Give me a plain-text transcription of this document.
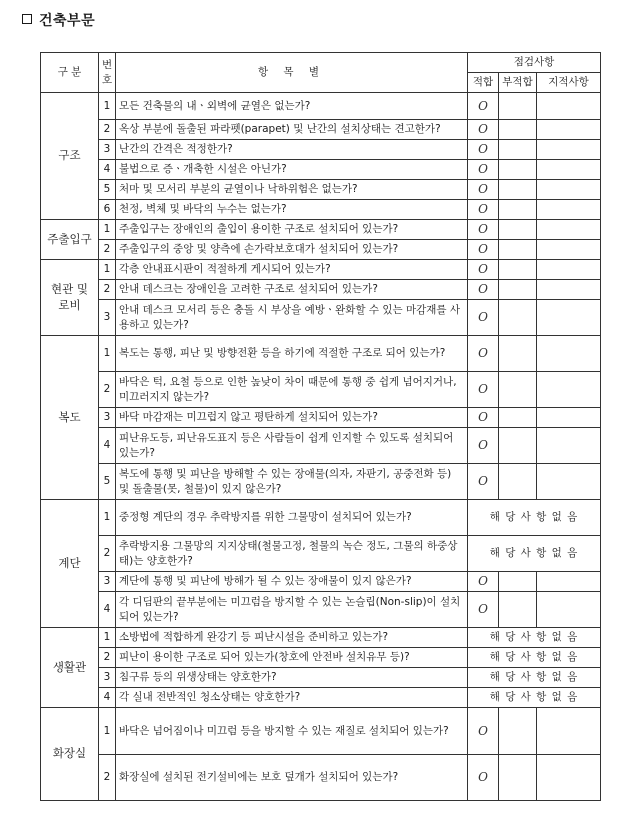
건축부문
구 분	번
호	항 목 별	점검사항		
			적합	부적합	지적사항
구조	1	모든 건축물의 내ㆍ외벽에 균열은 없는가?	O		
	2	옥상 부분에 돌출된 파라펫(parapet) 및 난간의 설치상태는 견고한가?	O		
	3	난간의 간격은 적정한가?	O		
	4	불법으로 증ㆍ개축한 시설은 아닌가?	O		
	5	처마 및 모서리 부분의 균열이나 낙하위험은 없는가?	O		
	6	천정, 벽체 및 바닥의 누수는 없는가?	O		
주출입구	1	주출입구는 장애인의 출입이 용이한 구조로 설치되어 있는가?	O		
	2	주출입구의 중앙 및 양측에 손가락보호대가 설치되어 있는가?	O		
현관 및 로비	1	각층 안내표시판이 적절하게 게시되어 있는가?	O		
	2	안내 데스크는 장애인을 고려한 구조로 설치되어 있는가?	O		
	3	안내 데스크 모서리 등은 충돌 시 부상을 예방ㆍ완화할 수 있는 마감재를 사용하고 있는가?	O		
복도	1	복도는 통행, 피난 및 방향전환 등을 하기에 적절한 구조로 되어 있는가?	O		
	2	바닥은 턱, 요철 등으로 인한 높낮이 차이 때문에 통행 중 쉽게 넘어지거나, 미끄러지지 않는가?	O		
	3	바닥 마감재는 미끄럽지 않고 평탄하게 설치되어 있는가?	O		
	4	피난유도등, 피난유도표지 등은 사람들이 쉽게 인지할 수 있도록 설치되어 있는가?	O		
	5	복도에 통행 및 피난을 방해할 수 있는 장애물(의자, 자판기, 공중전화 등) 및 돌출물(못, 철물)이 있지 않은가?	O		
계단	1	중정형 계단의 경우 추락방지를 위한 그물망이 설치되어 있는가?	해 당 사 항 없 음		
	2	추락방지용 그물망의 지지상태(철물고정, 철물의 녹슨 정도, 그물의 하중상태)는 양호한가?	해 당 사 항 없 음		
	3	계단에 통행 및 피난에 방해가 될 수 있는 장애물이 있지 않은가?	O		
	4	각 디딤판의 끝부분에는 미끄럼을 방지할 수 있는 논슬립(Non-slip)이 설치되어 있는가?	O		
생활관	1	소방법에 적합하게 완강기 등 피난시설을 준비하고 있는가?	해 당 사 항 없 음		
	2	피난이 용이한 구조로 되어 있는가(창호에 안전바 설치유무 등)?	해 당 사 항 없 음		
	3	침구류 등의 위생상태는 양호한가?	해 당 사 항 없 음		
	4	각 실내 전반적인 청소상태는 양호한가?	해 당 사 항 없 음		
화장실	1	바닥은 넘어짐이나 미끄럼 등을 방지할 수 있는 재질로 설치되어 있는가?	O		
	2	화장실에 설치된 전기설비에는 보호 덮개가 설치되어 있는가?	O		
